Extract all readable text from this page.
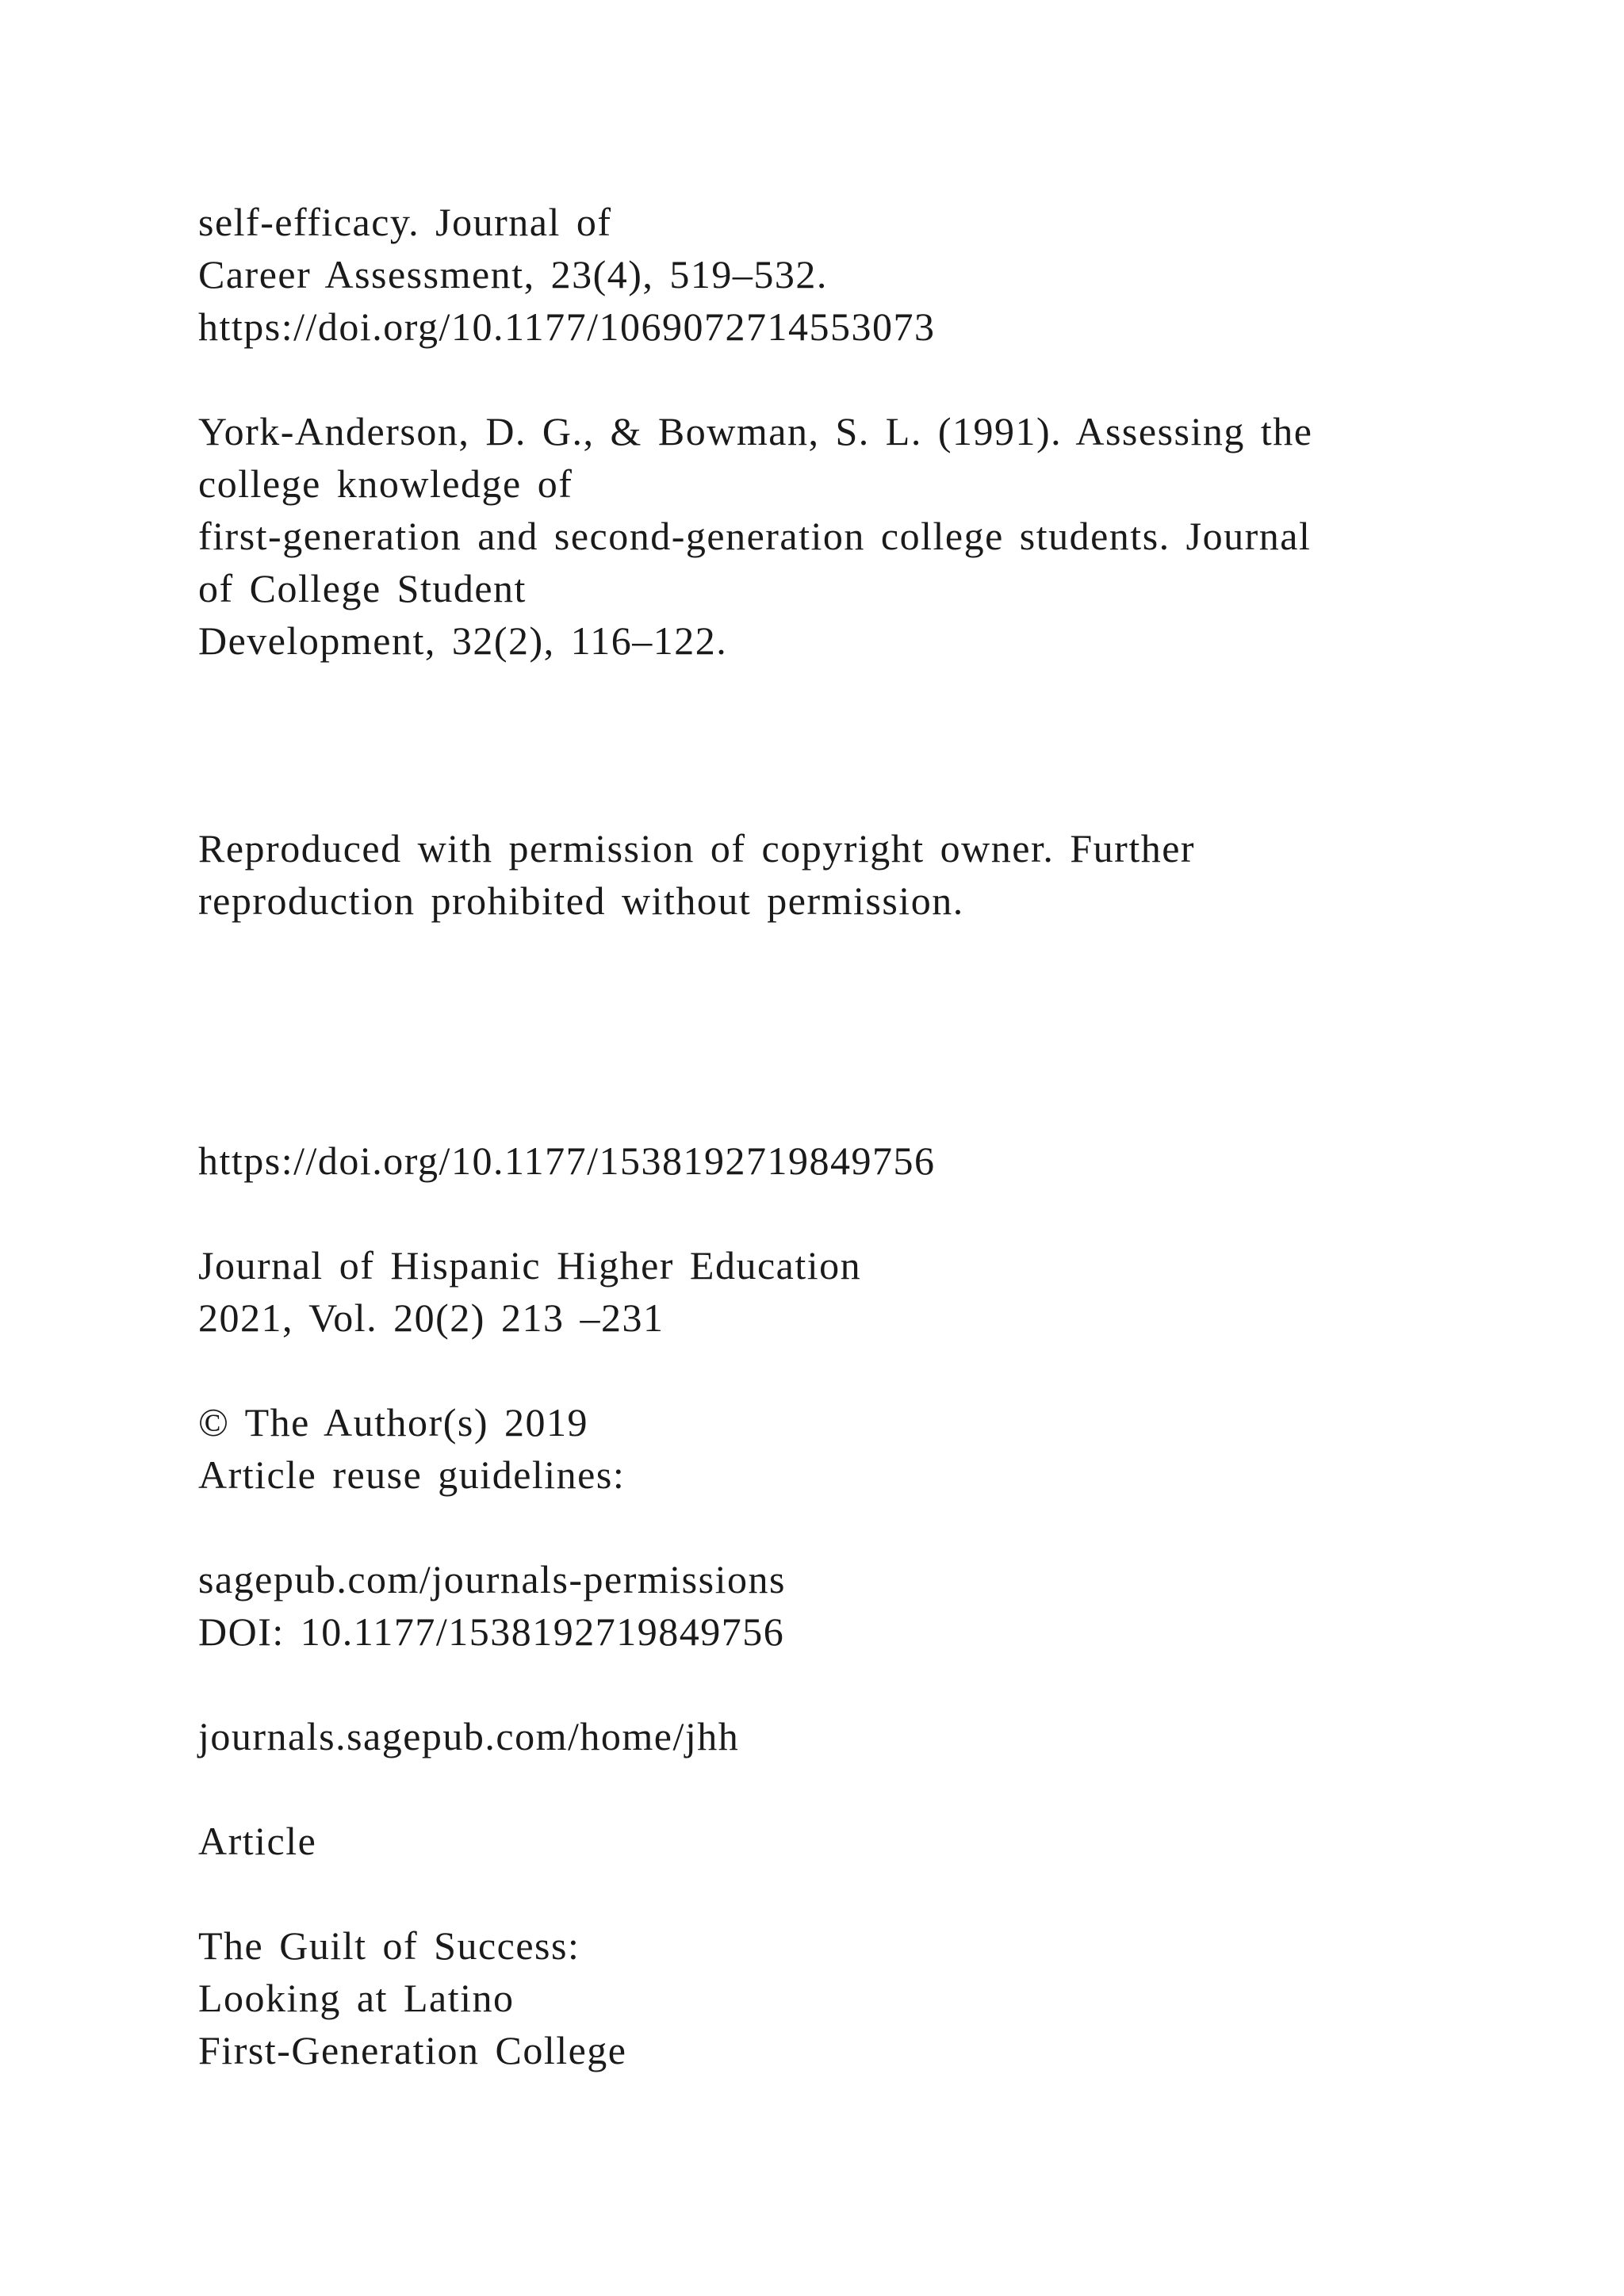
self-efficacy. Journal of
Career Assessment, 23(4), 519–532.
https://doi.org/10.1177/1069072714553073
York-Anderson, D. G., & Bowman, S. L. (1991). Assessing the
college knowledge of
first-generation and second-generation college students. Journal
of College Student
Development, 32(2), 116–122.
Reproduced with permission of copyright owner. Further
reproduction prohibited without permission.
https://doi.org/10.1177/1538192719849756
Journal of Hispanic Higher Education
2021, Vol. 20(2) 213 –231
© The Author(s) 2019
Article reuse guidelines:
sagepub.com/journals-permissions
DOI: 10.1177/1538192719849756
journals.sagepub.com/home/jhh
Article
The Guilt of Success:
Looking at Latino
First-Generation College
